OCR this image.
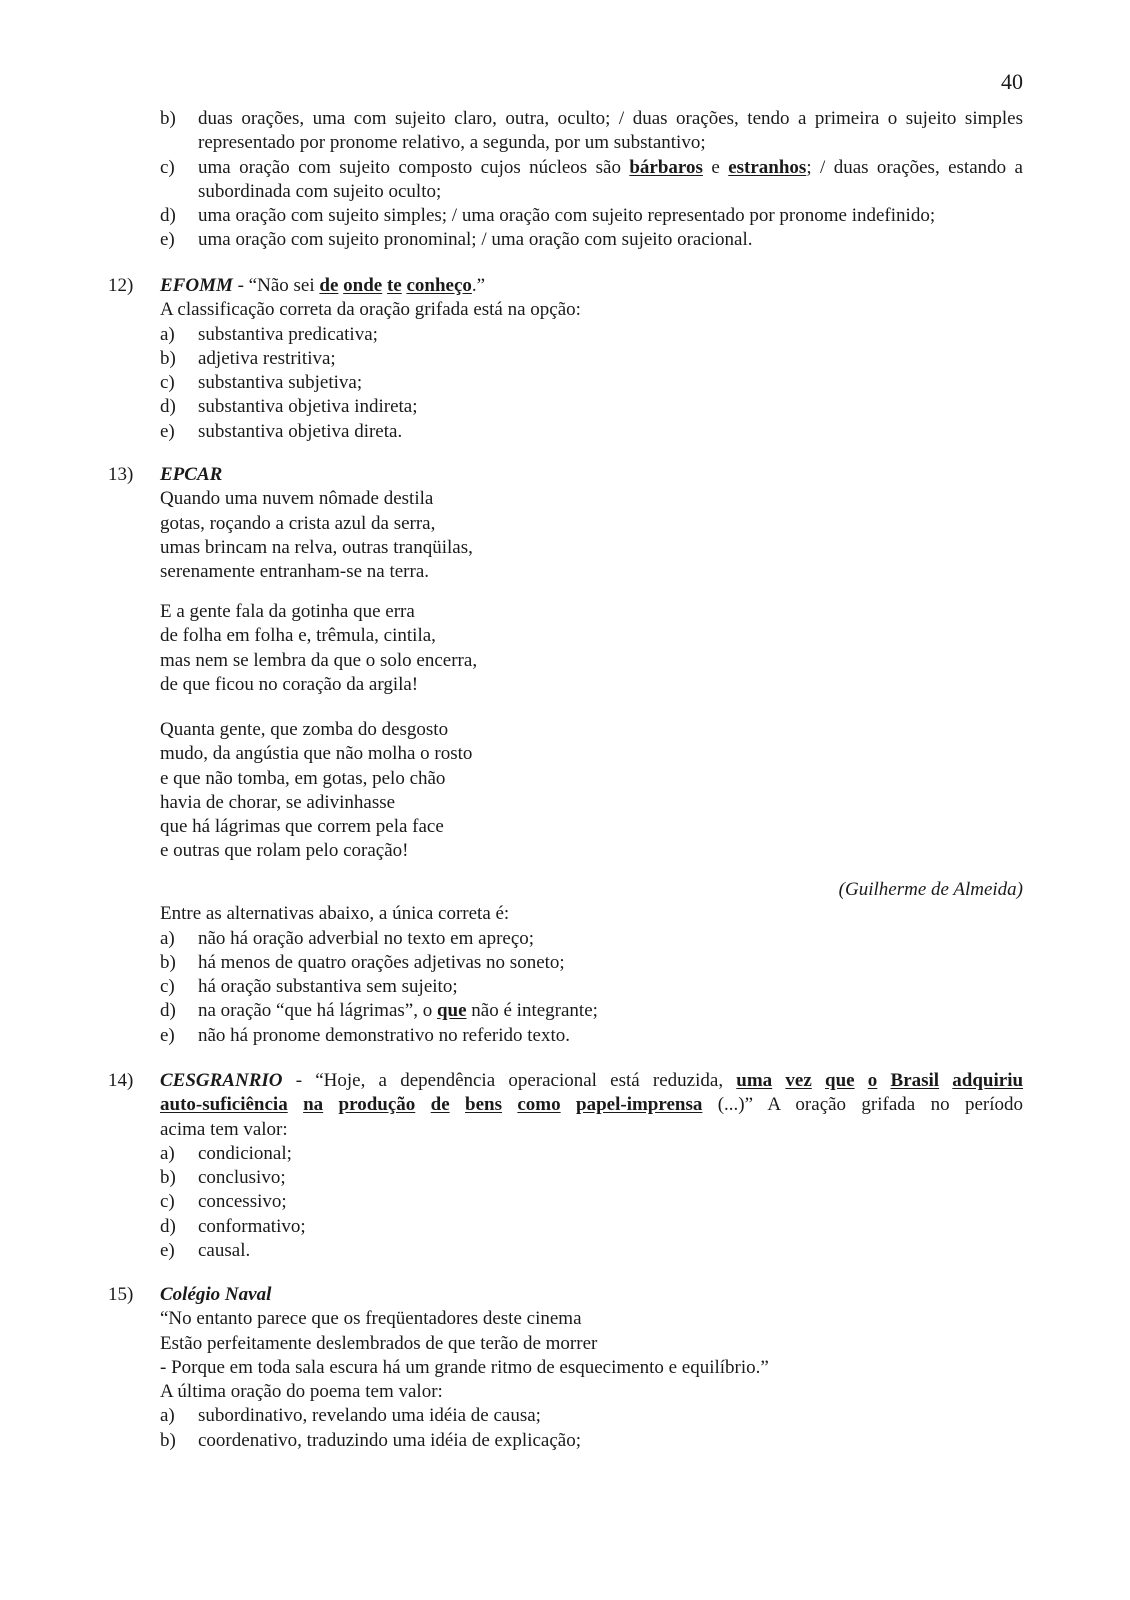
40
b)	duas orações, uma com sujeito claro, outra, oculto; / duas orações, tendo a primeira o sujeito simples representado por pronome relativo, a segunda, por um substantivo;
c)	uma oração com sujeito composto cujos núcleos são bárbaros e estranhos; / duas orações, estando a subordinada com sujeito oculto;
d)	uma oração com sujeito simples; / uma oração com sujeito representado por pronome indefinido;
e)	uma oração com sujeito pronominal; / uma oração com sujeito oracional.
12) EFOMM - “Não sei de onde te conheço.”
A classificação correta da oração grifada está na opção:
a)	substantiva predicativa;
b)	adjetiva restritiva;
c)	substantiva subjetiva;
d)	substantiva objetiva indireta;
e)	substantiva objetiva direta.
13) EPCAR
Quando uma nuvem nômade destila
gotas, roçando a crista azul da serra,
umas brincam na relva, outras tranqüilas,
serenamente entranham-se na terra.
E a gente fala da gotinha que erra
de folha em folha e, trêmula, cintila,
mas nem se lembra da que o solo encerra,
de que ficou no coração da argila!
Quanta gente, que zomba do desgosto
mudo, da angústia que não molha o rosto
e que não tomba, em gotas, pelo chão
havia de chorar, se adivinhasse
que há lágrimas que correm pela face
e outras que rolam pelo coração!
(Guilherme de Almeida)
Entre as alternativas abaixo, a única correta é:
a)	não há oração adverbial no texto em apreço;
b)	há menos de quatro orações adjetivas no soneto;
c)	há oração substantiva sem sujeito;
d)	na oração “que há lágrimas”, o que não é integrante;
e)	não há pronome demonstrativo no referido texto.
14) CESGRANRIO - “Hoje, a dependência operacional está reduzida, uma vez que o Brasil adquiriu
auto-suficiência na produção de bens como papel-imprensa (...)” A oração grifada no período
acima tem valor:
a)	condicional;
b)	conclusivo;
c)	concessivo;
d)	conformativo;
e)	causal.
15) Colégio Naval
“No entanto parece que os freqüentadores deste cinema
Estão perfeitamente deslembrados de que terão de morrer
- Porque em toda sala escura há um grande ritmo de esquecimento e equilíbrio.”
A última oração do poema tem valor:
a)	subordinativo, revelando uma idéia de causa;
b)	coordenativo, traduzindo uma idéia de explicação;
